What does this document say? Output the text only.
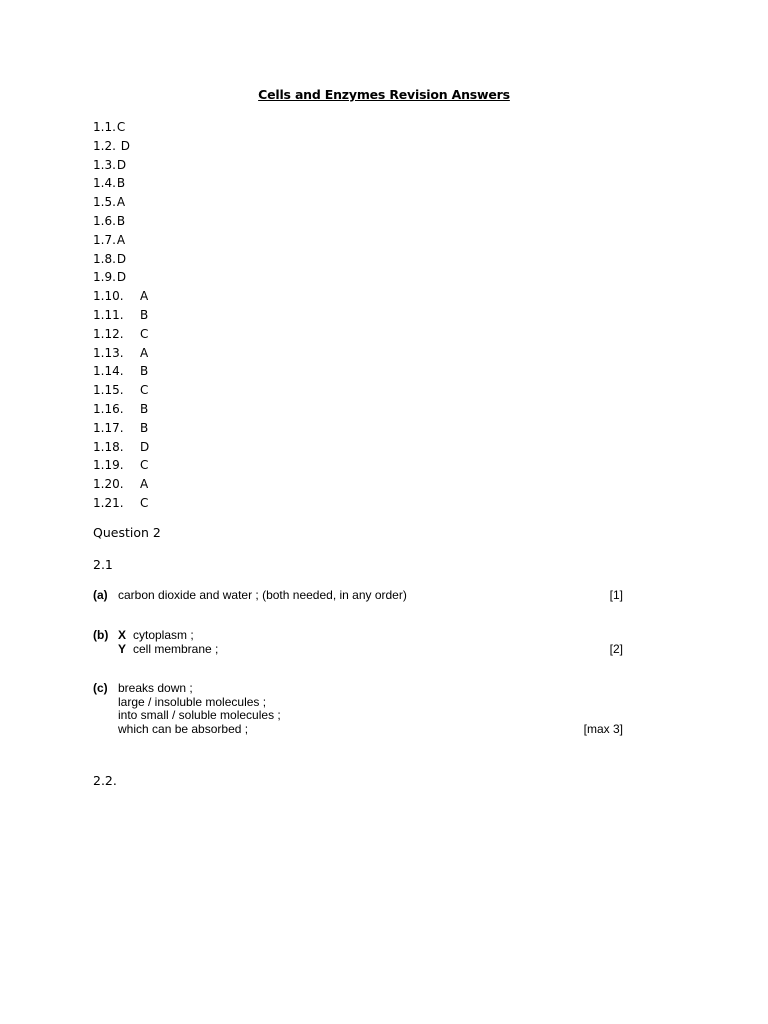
Cells and Enzymes Revision Answers
1.1.C
1.2. D
1.3.D
1.4.B
1.5.A
1.6.B
1.7.A
1.8.D
1.9.D
1.10. A
1.11. B
1.12. C
1.13. A
1.14. B
1.15. C
1.16. B
1.17. B
1.18. D
1.19. C
1.20. A
1.21. C
Question 2
2.1
(a) carbon dioxide and water ; (both needed, in any order)	[1]
(b) X cytoplasm ;
Y cell membrane ;	[2]
(c) breaks down ;
large / insoluble molecules ;
into small / soluble molecules ;
which can be absorbed ;	[max 3]
2.2.
